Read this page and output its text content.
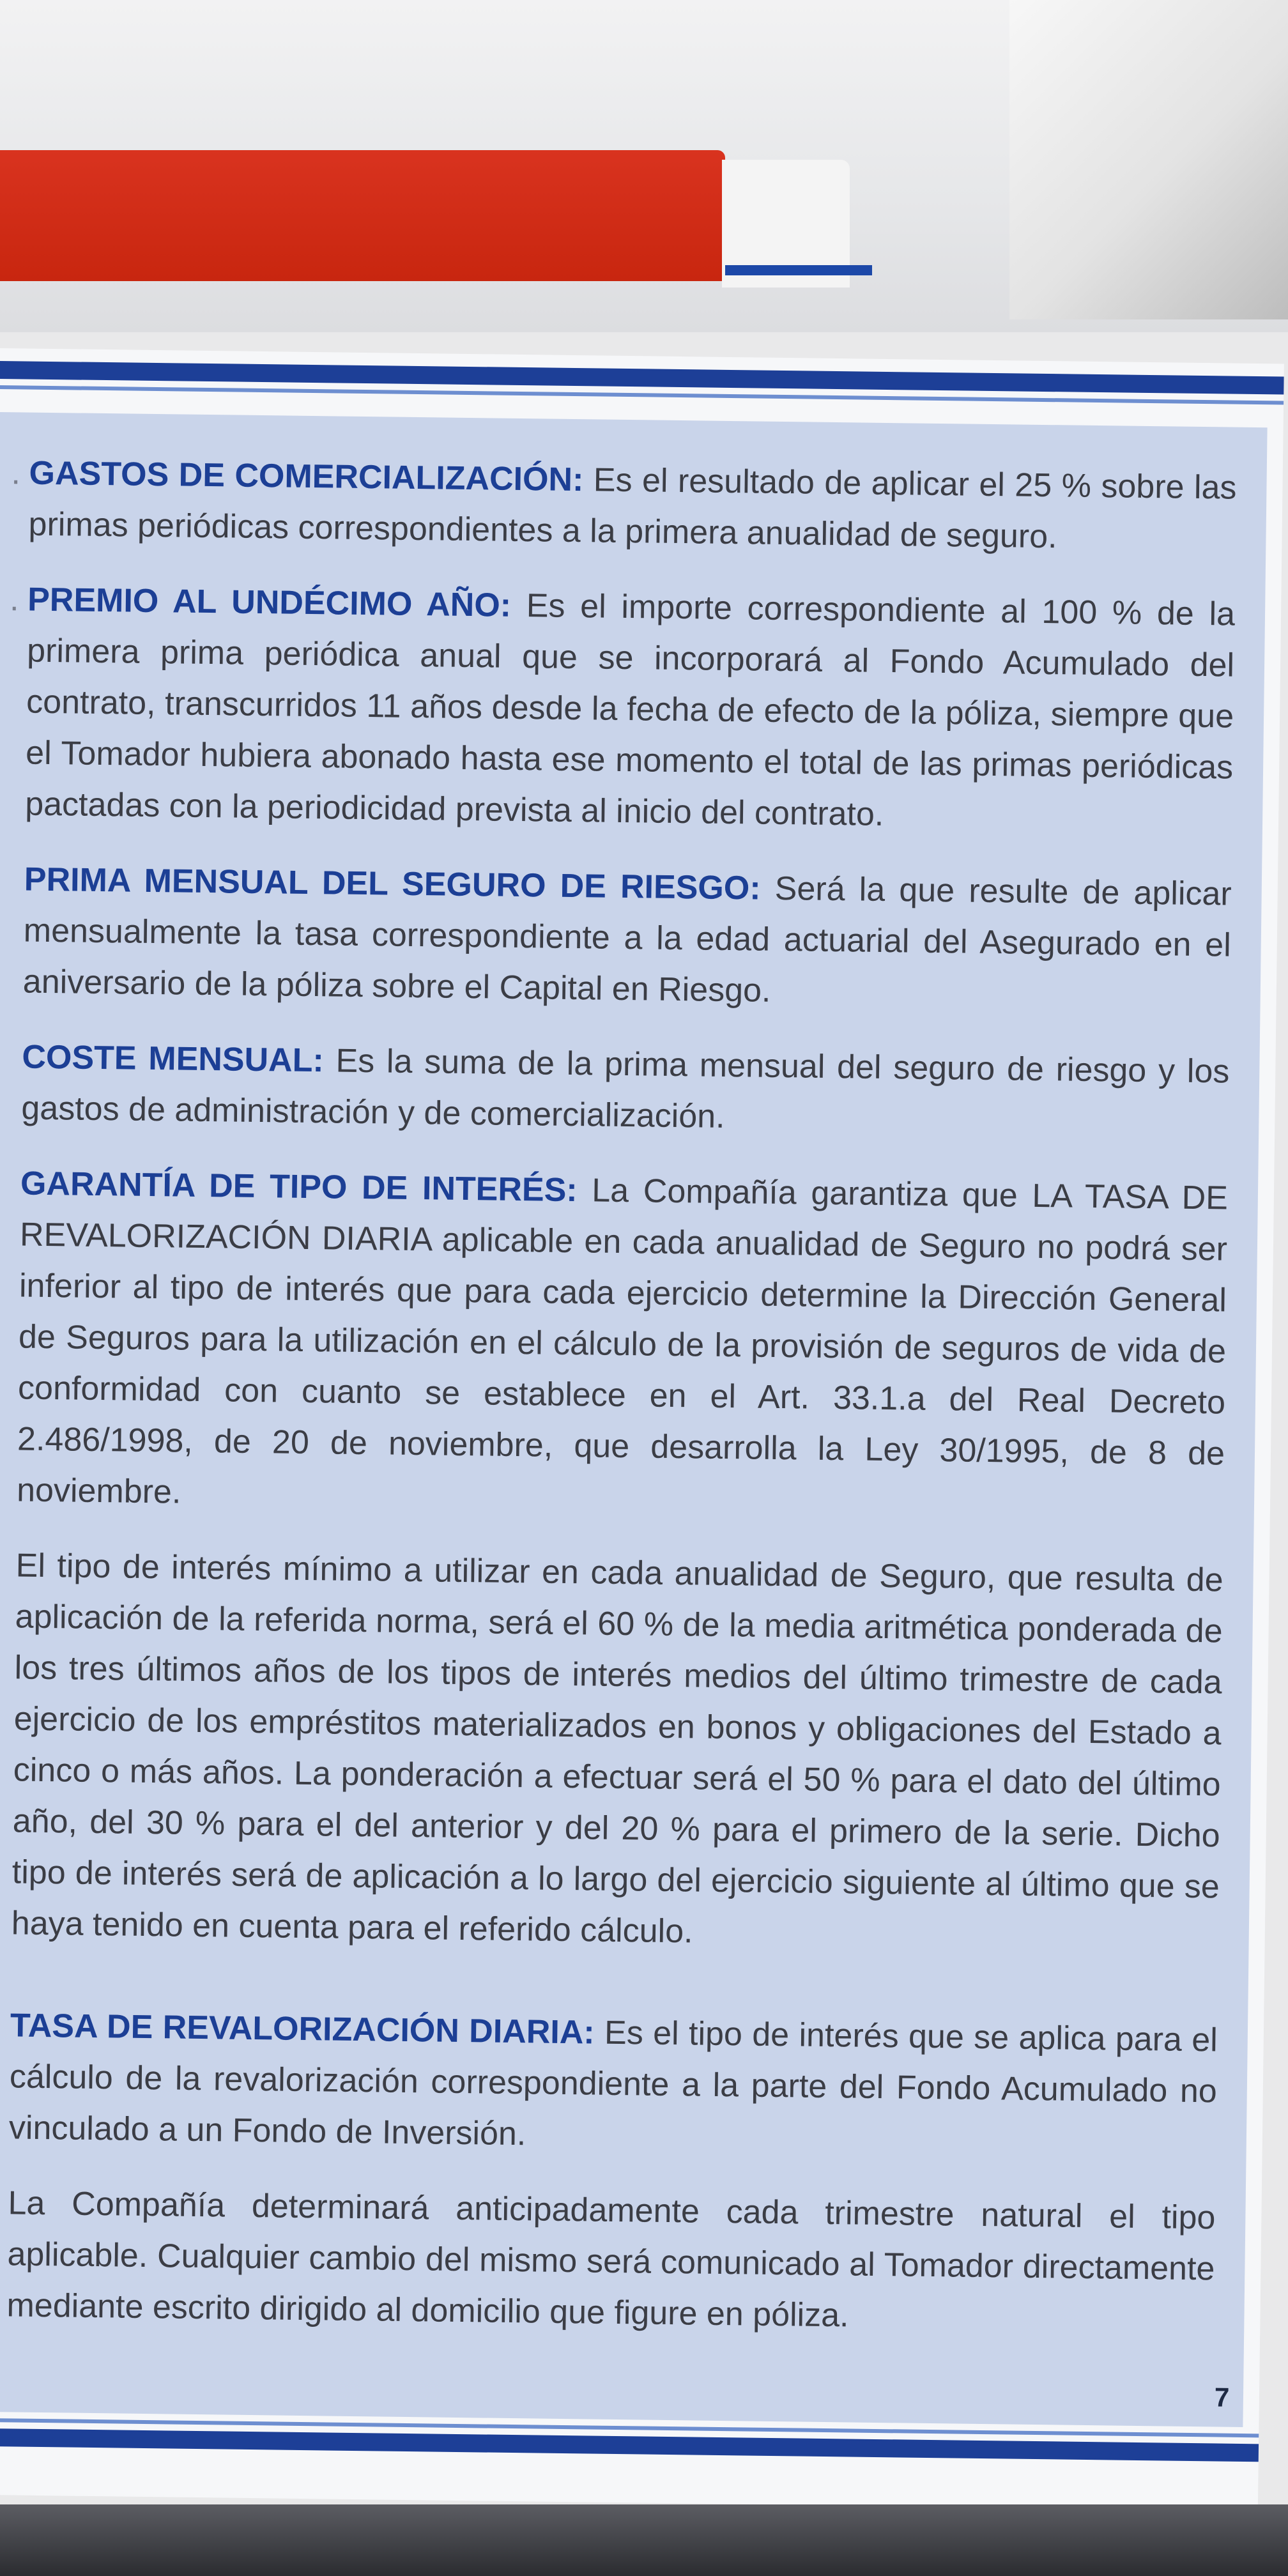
. GASTOS DE COMERCIALIZACIÓN: Es el resultado de aplicar el 25 % sobre las primas periódicas correspondientes a la primera anualidad de seguro.

. PREMIO AL UNDÉCIMO AÑO: Es el importe correspondiente al 100 % de la primera prima periódica anual que se incorporará al Fondo Acumulado del contrato, transcurridos 11 años desde la fecha de efecto de la póliza, siempre que el Tomador hubiera abonado hasta ese momento el total de las primas periódicas pactadas con la periodicidad prevista al inicio del contrato.

PRIMA MENSUAL DEL SEGURO DE RIESGO: Será la que resulte de aplicar mensualmente la tasa correspondiente a la edad actuarial del Asegurado en el aniversario de la póliza sobre el Capital en Riesgo.

COSTE MENSUAL: Es la suma de la prima mensual del seguro de riesgo y los gastos de administración y de comercialización.

GARANTÍA DE TIPO DE INTERÉS: La Compañía garantiza que LA TASA DE REVALORIZACIÓN DIARIA aplicable en cada anualidad de Seguro no podrá ser inferior al tipo de interés que para cada ejercicio determine la Dirección General de Seguros para la utilización en el cálculo de la provisión de seguros de vida de conformidad con cuanto se establece en el Art. 33.1.a del Real Decreto 2.486/1998, de 20 de noviembre, que desarrolla la Ley 30/1995, de 8 de noviembre.

El tipo de interés mínimo a utilizar en cada anualidad de Seguro, que resulta de aplicación de la referida norma, será el 60 % de la media aritmética ponderada de los tres últimos años de los tipos de interés medios del último trimestre de cada ejercicio de los empréstitos materializados en bonos y obligaciones del Estado a cinco o más años. La ponderación a efectuar será el 50 % para el dato del último año, del 30 % para el del anterior y del 20 % para el primero de la serie. Dicho tipo de interés será de aplicación a lo largo del ejercicio siguiente al último que se haya tenido en cuenta para el referido cálculo.

TASA DE REVALORIZACIÓN DIARIA: Es el tipo de interés que se aplica para el cálculo de la revalorización correspondiente a la parte del Fondo Acumulado no vinculado a un Fondo de Inversión.

La Compañía determinará anticipadamente cada trimestre natural el tipo aplicable. Cualquier cambio del mismo será comunicado al Tomador directamente mediante escrito dirigido al domicilio que figure en póliza.

7
